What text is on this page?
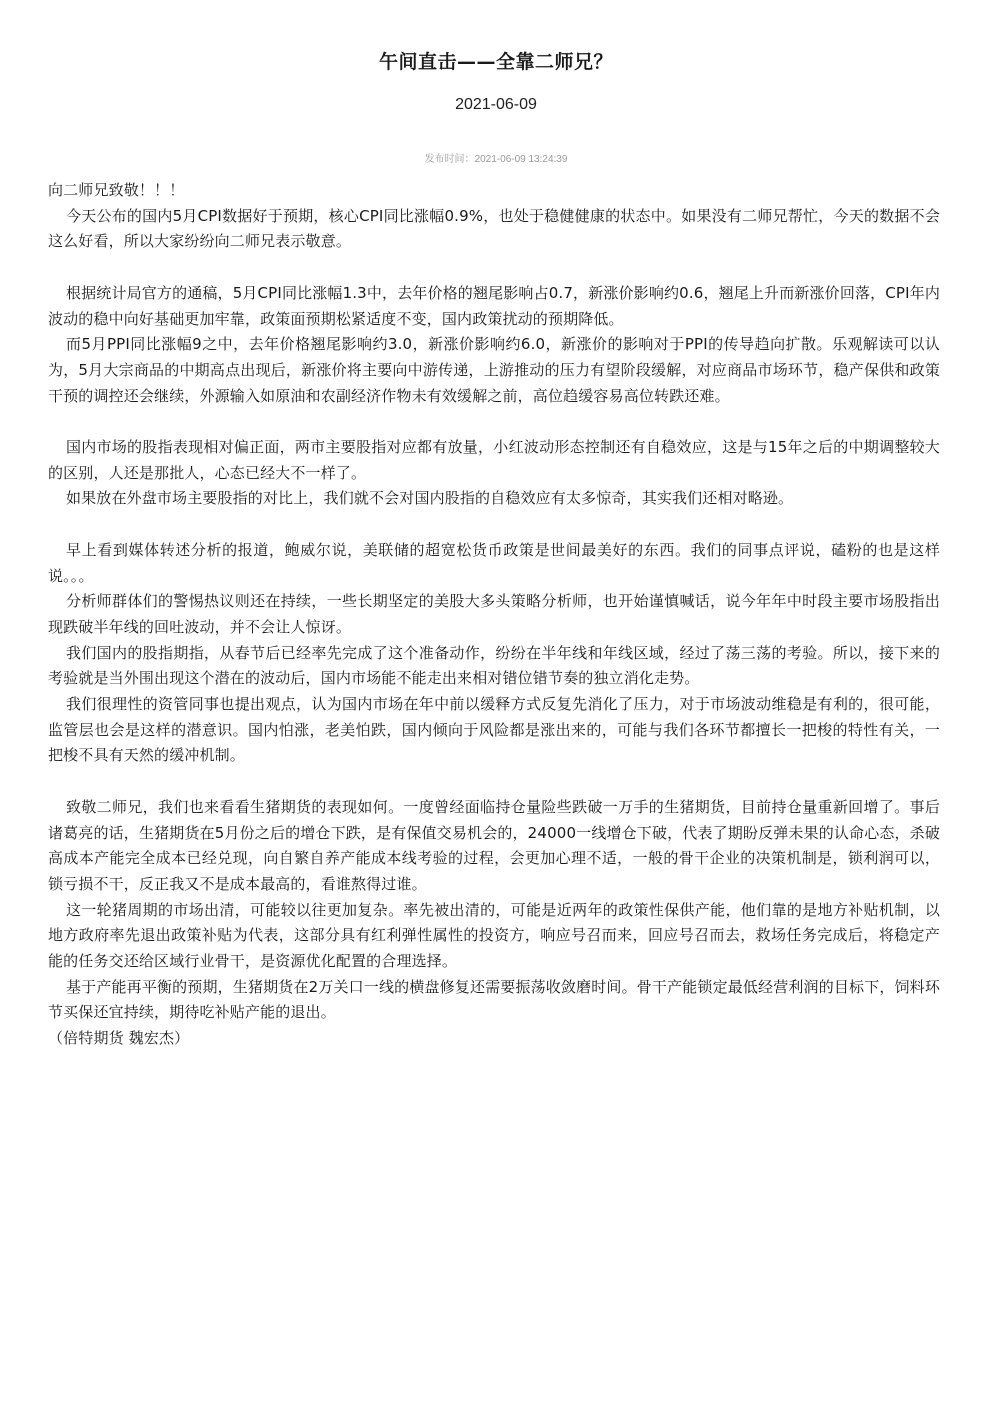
午间直击——全靠二师兄？
2021-06-09
发布时间：2021-06-09 13:24:39

向二师兄致敬！！！

今天公布的国内5月CPI数据好于预期，核心CPI同比涨幅0.9%，也处于稳健健康的状态中。如果没有二师兄帮忙，今天的数据不会这么好看，所以大家纷纷向二师兄表示敬意。

根据统计局官方的通稿，5月CPI同比涨幅1.3中，去年价格的翘尾影响占0.7，新涨价影响约0.6，翘尾上升而新涨价回落，CPI年内波动的稳中向好基础更加牢靠，政策面预期松紧适度不变，国内政策扰动的预期降低。

而5月PPI同比涨幅9之中，去年价格翘尾影响约3.0，新涨价影响约6.0，新涨价的影响对于PPI的传导趋向扩散。乐观解读可以认为，5月大宗商品的中期高点出现后，新涨价将主要向中游传递，上游推动的压力有望阶段缓解，对应商品市场环节，稳产保供和政策干预的调控还会继续，外源输入如原油和农副经济作物未有效缓解之前，高位趋缓容易高位转跌还难。

国内市场的股指表现相对偏正面，两市主要股指对应都有放量，小红波动形态控制还有自稳效应，这是与15年之后的中期调整较大的区别，人还是那批人，心态已经大不一样了。

如果放在外盘市场主要股指的对比上，我们就不会对国内股指的自稳效应有太多惊奇，其实我们还相对略逊。

早上看到媒体转述分析的报道，鲍威尔说，美联储的超宽松货币政策是世间最美好的东西。我们的同事点评说，磕粉的也是这样说。。。

分析师群体们的警惕热议则还在持续，一些长期坚定的美股大多头策略分析师，也开始谨慎喊话，说今年年中时段主要市场股指出现跌破半年线的回吐波动，并不会让人惊讶。

我们国内的股指期指，从春节后已经率先完成了这个准备动作，纷纷在半年线和年线区域，经过了荡三荡的考验。所以，接下来的考验就是当外围出现这个潜在的波动后，国内市场能不能走出来相对错位错节奏的独立消化走势。

我们很理性的资管同事也提出观点，认为国内市场在年中前以缓释方式反复先消化了压力，对于市场波动维稳是有利的，很可能，监管层也会是这样的潜意识。国内怕涨，老美怕跌，国内倾向于风险都是涨出来的，可能与我们各环节都擅长一把梭的特性有关，一把梭不具有天然的缓冲机制。

致敬二师兄，我们也来看看生猪期货的表现如何。一度曾经面临持仓量险些跌破一万手的生猪期货，目前持仓量重新回增了。事后诸葛亮的话，生猪期货在5月份之后的增仓下跌，是有保值交易机会的，24000一线增仓下破，代表了期盼反弹未果的认命心态，杀破高成本产能完全成本已经兑现，向自繁自养产能成本线考验的过程，会更加心理不适，一般的骨干企业的决策机制是，锁利润可以，锁亏损不干，反正我又不是成本最高的，看谁熬得过谁。

这一轮猪周期的市场出清，可能较以往更加复杂。率先被出清的，可能是近两年的政策性保供产能，他们靠的是地方补贴机制，以地方政府率先退出政策补贴为代表，这部分具有红利弹性属性的投资方，响应号召而来，回应号召而去，救场任务完成后，将稳定产能的任务交还给区域行业骨干，是资源优化配置的合理选择。

基于产能再平衡的预期，生猪期货在2万关口一线的横盘修复还需要振荡收敛磨时间。骨干产能锁定最低经营利润的目标下，饲料环节买保还宜持续，期待吃补贴产能的退出。

（倍特期货 魏宏杰）
